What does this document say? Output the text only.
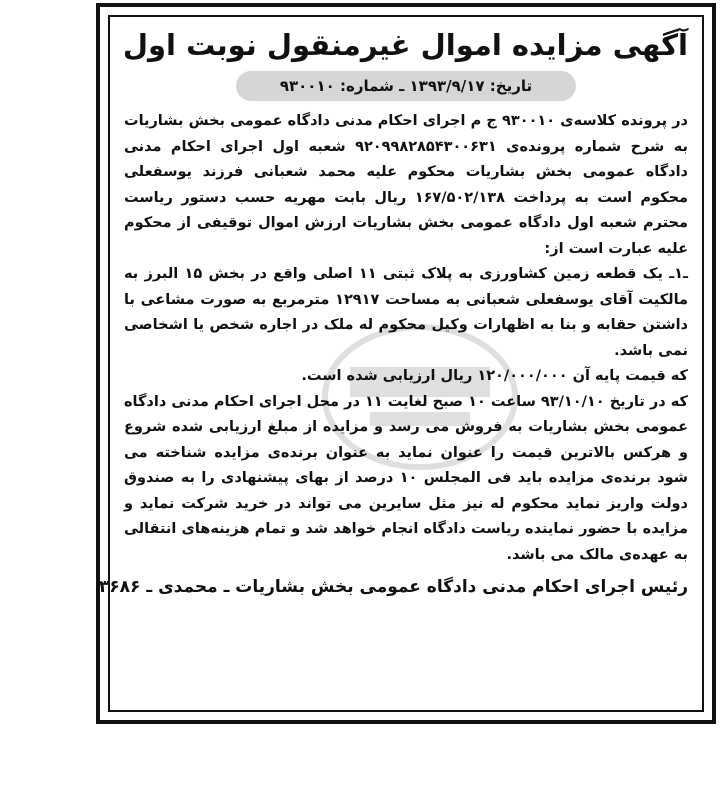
آگهی مزایده اموال غیرمنقول نوبت اول
تاریخ: ۱۳۹۳/۹/۱۷ ـ شماره: ۹۳۰۰۱۰

در پرونده کلاسه‌ی ۹۳۰۰۱۰ ج م اجرای احکام مدنی دادگاه عمومی بخش بشاریات به شرح شماره پرونده‌ی ۹۲۰۹۹۸۲۸۵۴۳۰۰۶۳۱ شعبه اول اجرای احکام مدنی دادگاه عمومی بخش بشاریات محکوم علیه محمد شعبانی فرزند یوسفعلی محکوم است به پرداخت ۱۶۷/۵۰۲/۱۳۸ ریال بابت مهریه حسب دستور ریاست محترم شعبه اول دادگاه عمومی بخش بشاریات ارزش اموال توقیفی از محکوم علیه عبارت است از:

ـ۱ـ یک قطعه زمین کشاورزی به پلاک ثبتی ۱۱ اصلی واقع در بخش ۱۵ البرز به مالکیت آقای یوسفعلی شعبانی به مساحت ۱۲۹۱۷ مترمربع به صورت مشاعی با داشتن حقابه و بنا به اظهارات وکیل محکوم له ملک در اجاره شخص یا اشخاصی نمی باشد.

که قیمت پایه آن ۱۲۰/۰۰۰/۰۰۰ ریال ارزیابی شده است.

که در تاریخ ۹۳/۱۰/۱۰ ساعت ۱۰ صبح لغایت ۱۱ در محل اجرای احکام مدنی دادگاه عمومی بخش بشاریات به فروش می رسد و مزایده از مبلغ ارزیابی شده شروع و هرکس بالاترین قیمت را عنوان نماید به عنوان برنده‌ی مزایده شناخته می شود برنده‌ی مزایده باید فی المجلس ۱۰ درصد از بهای پیشنهادی را به صندوق دولت واریز نماید محکوم له نیز مثل سایرین می تواند در خرید شرکت نماید و مزایده با حضور نماینده ریاست دادگاه انجام خواهد شد و تمام هزینه‌های انتقالی به عهده‌ی مالک می باشد.

رئیس اجرای احکام مدنی دادگاه عمومی بخش بشاریات ـ محمدی ـ ۳۶۸۶
